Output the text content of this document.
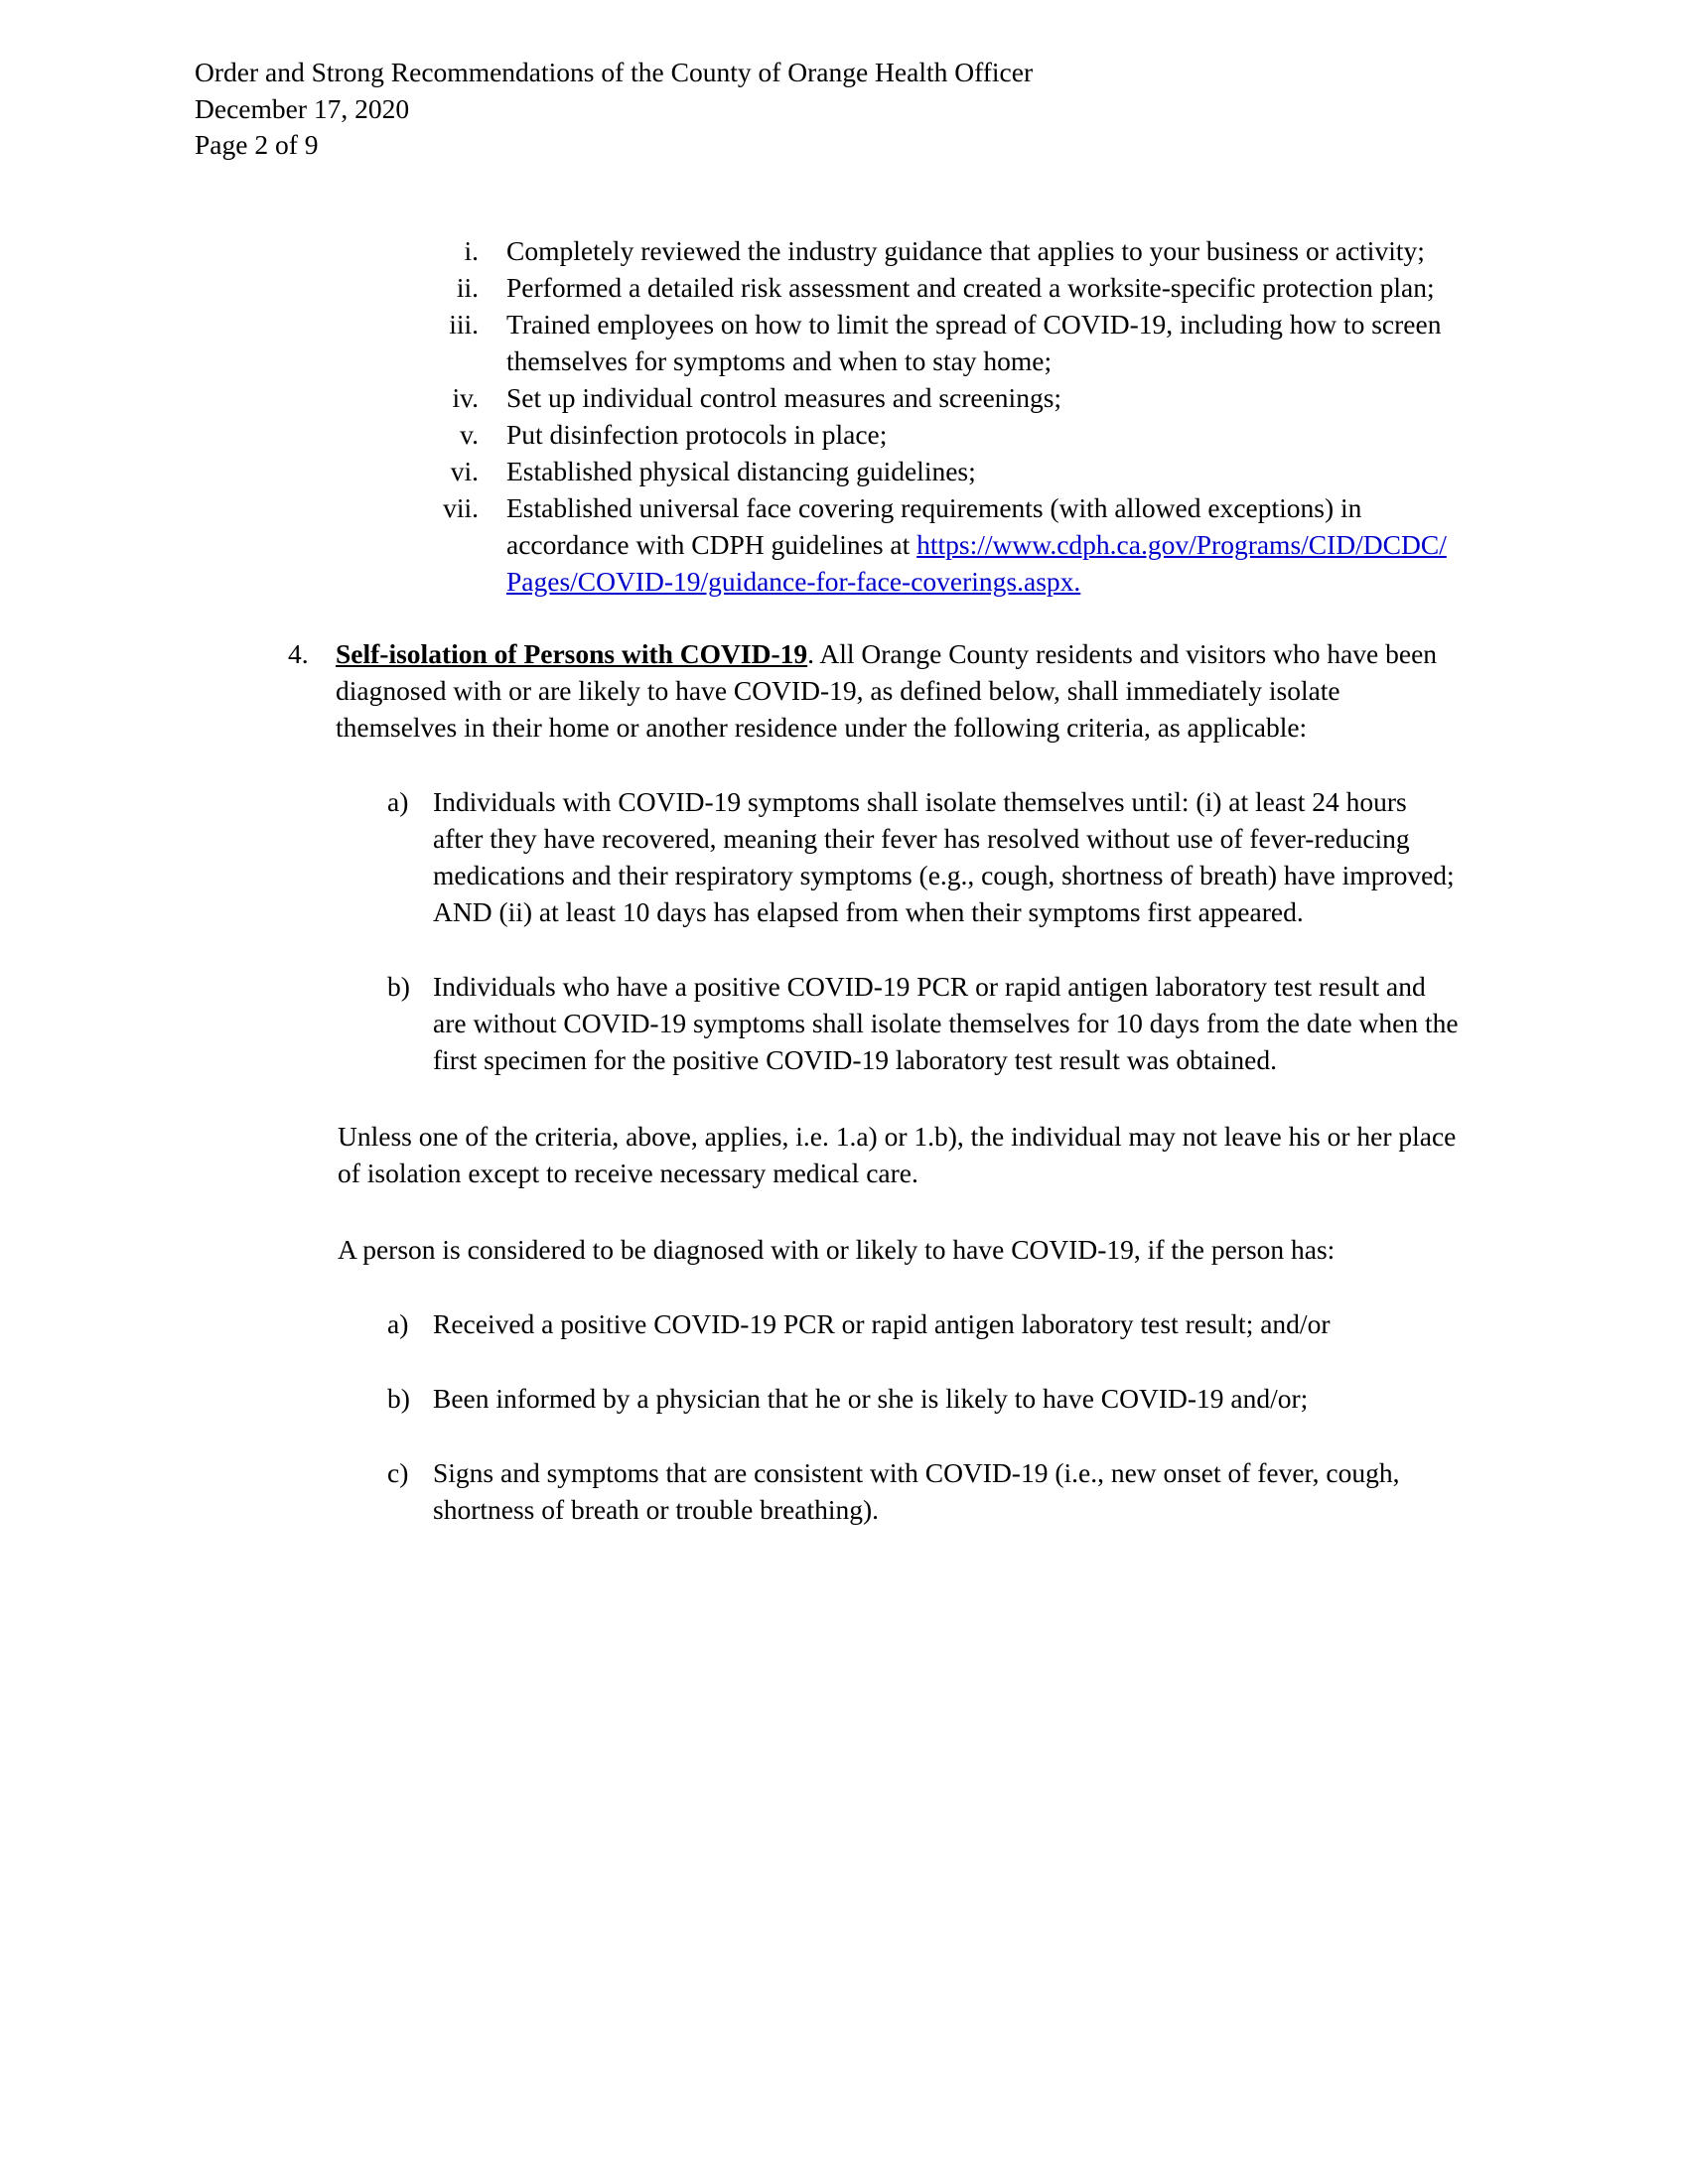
Order and Strong Recommendations of the County of Orange Health Officer
December 17, 2020
Page 2 of 9
i.	Completely reviewed the industry guidance that applies to your business or activity;
ii.	Performed a detailed risk assessment and created a worksite-specific protection plan;
iii.	Trained employees on how to limit the spread of COVID-19, including how to screen themselves for symptoms and when to stay home;
iv.	Set up individual control measures and screenings;
v.	Put disinfection protocols in place;
vi.	Established physical distancing guidelines;
vii.	Established universal face covering requirements (with allowed exceptions) in accordance with CDPH guidelines at https://www.cdph.ca.gov/Programs/CID/DCDC/Pages/COVID-19/guidance-for-face-coverings.aspx.
4. Self-isolation of Persons with COVID-19. All Orange County residents and visitors who have been diagnosed with or are likely to have COVID-19, as defined below, shall immediately isolate themselves in their home or another residence under the following criteria, as applicable:
a) Individuals with COVID-19 symptoms shall isolate themselves until: (i) at least 24 hours after they have recovered, meaning their fever has resolved without use of fever-reducing medications and their respiratory symptoms (e.g., cough, shortness of breath) have improved; AND (ii) at least 10 days has elapsed from when their symptoms first appeared.
b) Individuals who have a positive COVID-19 PCR or rapid antigen laboratory test result and are without COVID-19 symptoms shall isolate themselves for 10 days from the date when the first specimen for the positive COVID-19 laboratory test result was obtained.
Unless one of the criteria, above, applies, i.e. 1.a) or 1.b), the individual may not leave his or her place of isolation except to receive necessary medical care.
A person is considered to be diagnosed with or likely to have COVID-19, if the person has:
a) Received a positive COVID-19 PCR or rapid antigen laboratory test result; and/or
b) Been informed by a physician that he or she is likely to have COVID-19 and/or;
c) Signs and symptoms that are consistent with COVID-19 (i.e., new onset of fever, cough, shortness of breath or trouble breathing).
